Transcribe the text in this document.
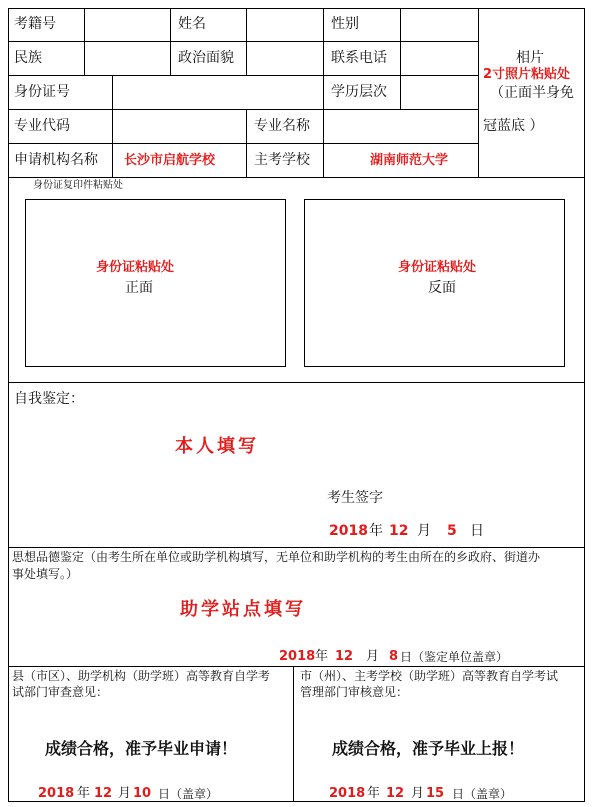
考籍号	姓名	性别
民族	政治面貌	联系电话
身份证号	学历层次
专业代码	专业名称
申请机构名称 长沙市启航学校	主考学校	湖南师范大学
相片
2寸照片粘贴处
（正面半身免
冠蓝底 ）
身份证复印件粘贴处
身份证粘贴处
正面
身份证粘贴处
反面
自我鉴定：
本人填写
考生签字
2018 年 12 月 5 日
思想品德鉴定（由考生所在单位或助学机构填写，无单位和助学机构的考生由所在的乡政府、街道办
事处填写。）
助学站点填写
2018 年 12 月 8 日（鉴定单位盖章）
县（市区）、助学机构（助学班）高等教育自学考
试部门审查意见：
成绩合格，准予毕业申请！
2018 年 12 月 10 日（盖章）
市（州）、主考学校（助学班）高等教育自学考试
管理部门审核意见：
成绩合格，准予毕业上报！
2018 年 12 月 15 日（盖章）
